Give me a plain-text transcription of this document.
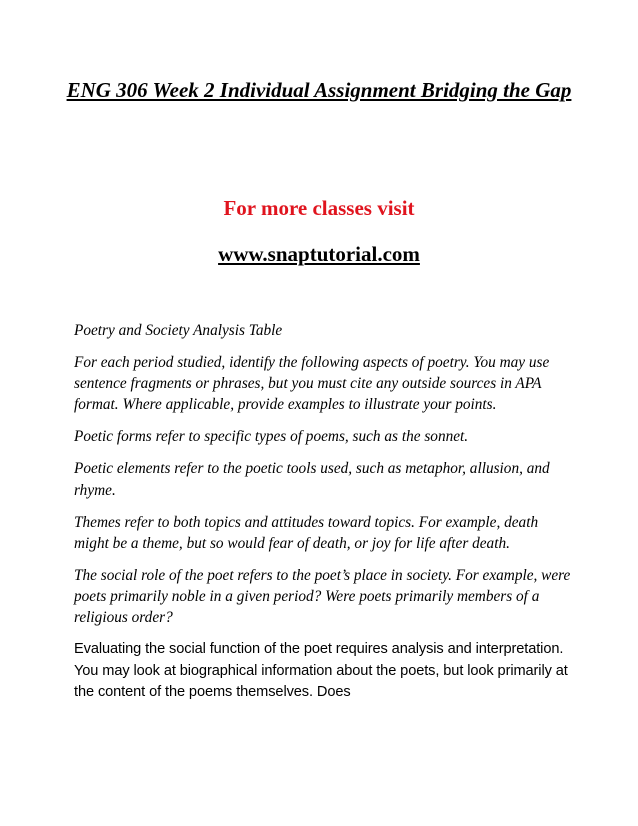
ENG 306 Week 2 Individual Assignment Bridging the Gap

For more classes visit

www.snaptutorial.com

Poetry and Society Analysis Table

For each period studied, identify the following aspects of poetry. You may use sentence fragments or phrases, but you must cite any outside sources in APA format. Where applicable, provide examples to illustrate your points.

Poetic forms refer to specific types of poems, such as the sonnet.

Poetic elements refer to the poetic tools used, such as metaphor, allusion, and rhyme.

Themes refer to both topics and attitudes toward topics. For example, death might be a theme, but so would fear of death, or joy for life after death.

The social role of the poet refers to the poet’s place in society. For example, were poets primarily noble in a given period? Were poets primarily members of a religious order?

Evaluating the social function of the poet requires analysis and interpretation. You may look at biographical information about the poets, but look primarily at the content of the poems themselves. Does
